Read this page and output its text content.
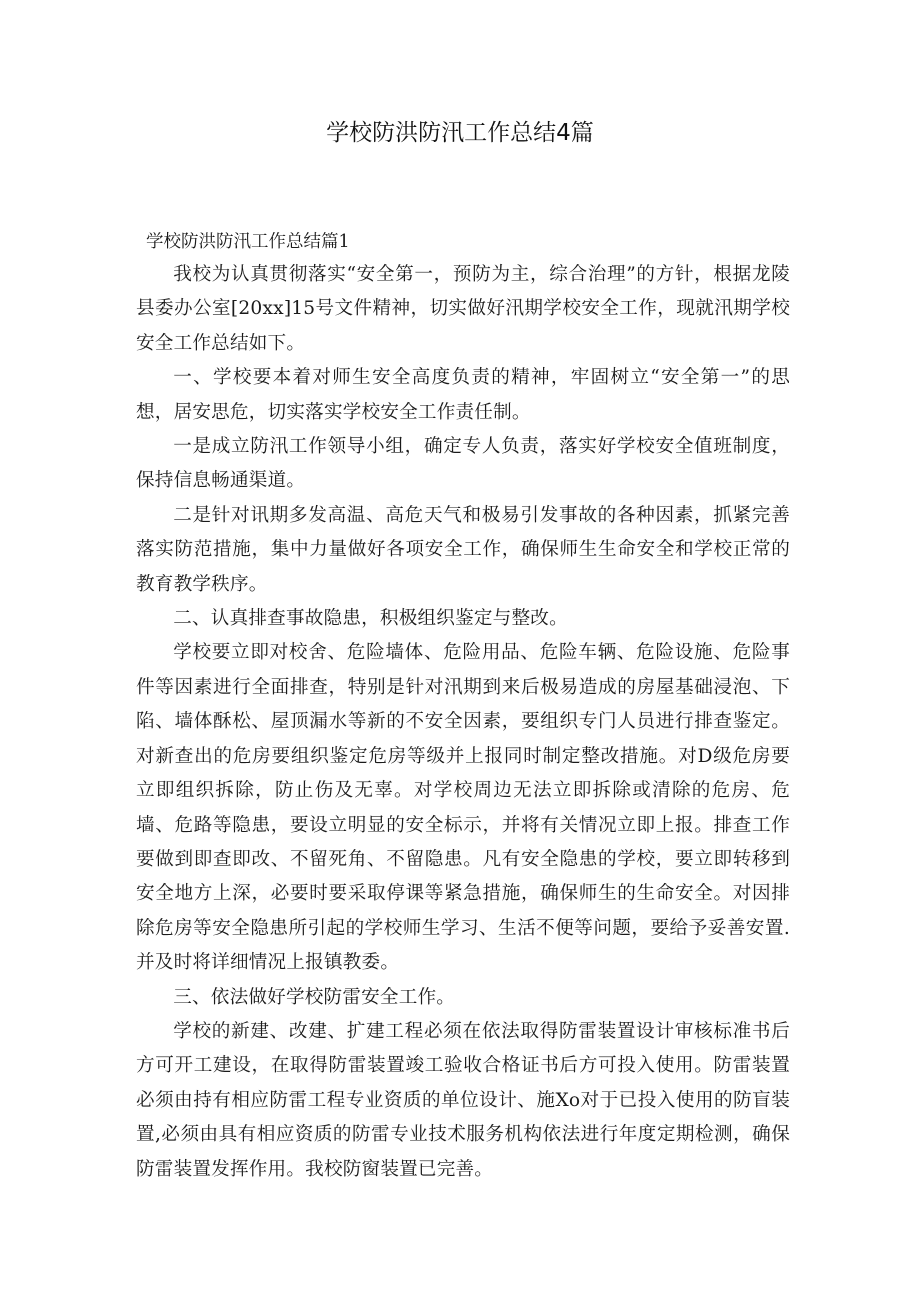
学校防洪防汛工作总结4篇
学校防洪防汛工作总结篇1

我校为认真贯彻落实“安全第一，预防为主，综合治理”的方针，根据龙陵县委办公室[20xx]15号文件精神，切实做好汛期学校安全工作，现就汛期学校安全工作总结如下。

一、学校要本着对师生安全高度负责的精神，牢固树立“安全第一”的思想，居安思危，切实落实学校安全工作责任制。

一是成立防汛工作领导小组，确定专人负责，落实好学校安全值班制度，保持信息畅通渠道。

二是针对讯期多发高温、高危天气和极易引发事故的各种因素，抓紧完善落实防范措施，集中力量做好各项安全工作，确保师生生命安全和学校正常的教育教学秩序。

二、认真排查事故隐患，积极组织鉴定与整改。

学校要立即对校舍、危险墙体、危险用品、危险车辆、危险设施、危险事件等因素进行全面排查，特别是针对汛期到来后极易造成的房屋基础浸泡、下陷、墙体酥松、屋顶漏水等新的不安全因素，要组织专门人员进行排查鉴定。对新查出的危房要组织鉴定危房等级并上报同时制定整改措施。对D级危房要立即组织拆除，防止伤及无辜。对学校周边无法立即拆除或清除的危房、危墙、危路等隐患，要设立明显的安全标示，并将有关情况立即上报。排查工作要做到即查即改、不留死角、不留隐患。凡有安全隐患的学校，要立即转移到安全地方上深，必要时要采取停课等紧急措施，确保师生的生命安全。对因排除危房等安全隐患所引起的学校师生学习、生活不便等问题，要给予妥善安置.并及时将详细情况上报镇教委。

三、依法做好学校防雷安全工作。

学校的新建、改建、扩建工程必须在依法取得防雷装置设计审核标准书后方可开工建设，在取得防雷装置竣工验收合格证书后方可投入使用。防雷装置必须由持有相应防雷工程专业资质的单位设计、施Xo对于已投入使用的防盲装置,必须由具有相应资质的防雷专业技术服务机构依法进行年度定期检测，确保防雷装置发挥作用。我校防窗装置已完善。
